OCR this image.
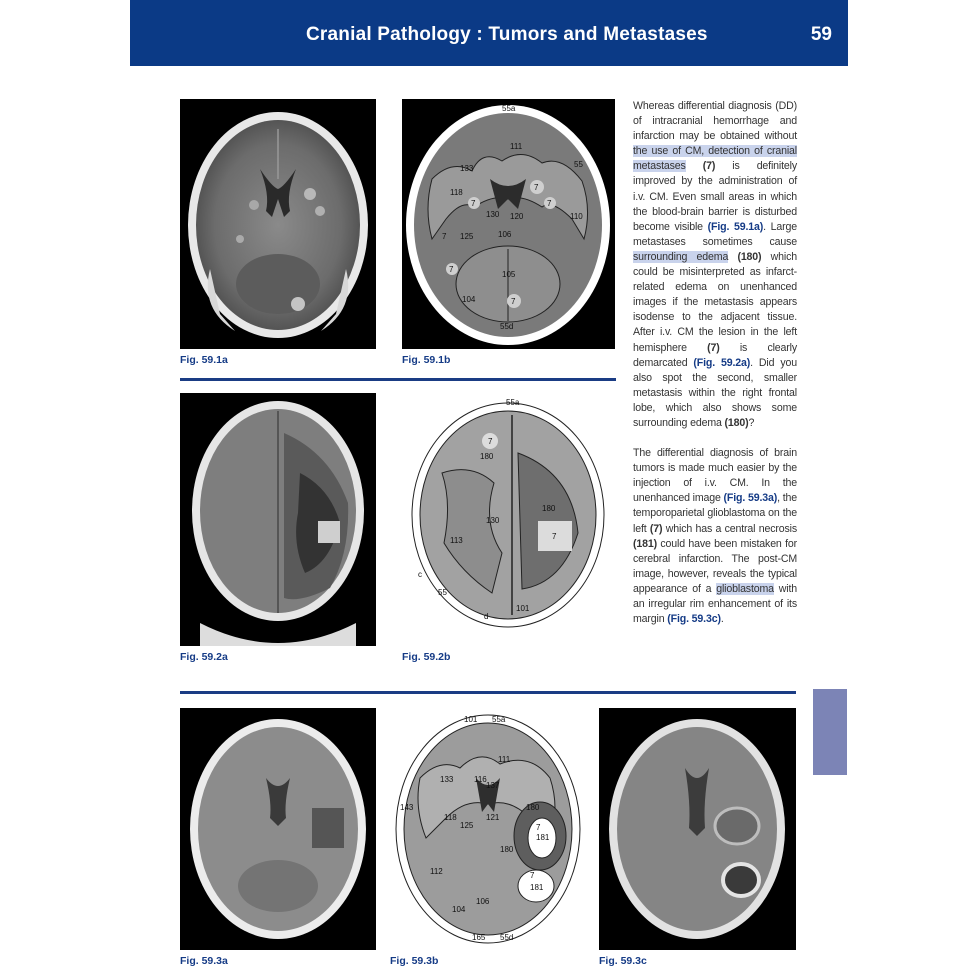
Cranial Pathology : Tumors and Metastases	59
Fig. 59.1a
55a
111
133
118
7
7
7
130 120	110
125	106
7
7
105
104	7
55d
55
Fig. 59.1b
Fig. 59.2a
55a
7
180
130
180
7
113
c
55
d
101
Fig. 59.2b

Whereas differential diagnosis (DD) of intracranial hemorrhage and infarction may be obtained without the use of CM, detection of cranial metastases (7) is definitely improved by the administration of i.v. CM. Even small areas in which the blood-brain barrier is disturbed become visible (Fig. 59.1a). Large metastases sometimes cause surrounding edema (180) which could be misinterpreted as infarct-related edema on unenhanced images if the metastasis appears isodense to the adjacent tissue. After i.v. CM the lesion in the left hemisphere (7) is clearly demarcated (Fig. 59.2a). Did you also spot the second, smaller metastasis within the right frontal lobe, which also shows some surrounding edema (180)?

The differential diagnosis of brain tumors is made much easier by the injection of i.v. CM. In the unenhanced image (Fig. 59.3a), the temporoparietal glioblastoma on the left (7) which has a central necrosis (181) could have been mistaken for cerebral infarction. The post-CM image, however, reveals the typical appearance of a glioblastoma with an irregular rim enhancement of its margin (Fig. 59.3c).

Fig. 59.3a
101 55a
111
133	116
137
143
118	121
125
180
7
181
112
180
7
181
104
106
165 55d
Fig. 59.3b	Fig. 59.3c
